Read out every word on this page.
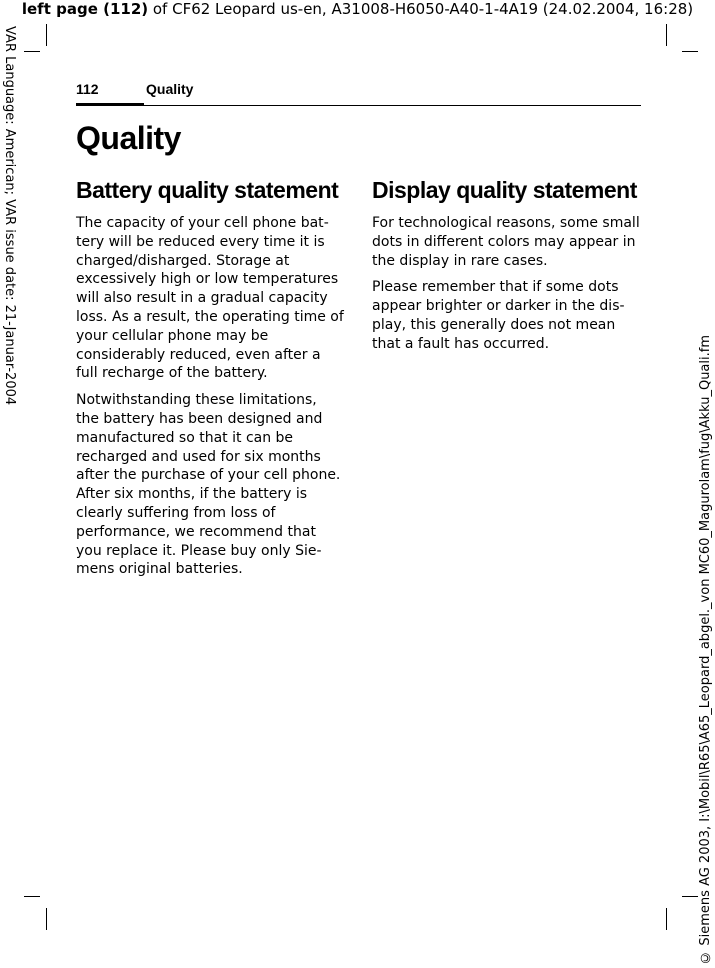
left page (112) of CF62 Leopard us-en, A31008-H6050-A40-1-4A19 (24.02.2004, 16:28)
VAR Language: American; VAR issue date: 21-Januar-2004
© Siemens AG 2003, I:\Mobil\R65\A65_Leopard_abgel._von MC60_Magurolam\fug\Akku_Quali.fm
112	Quality
Quality
Battery quality statement

The capacity of your cell phone battery will be reduced every time it is charged/disharged. Storage at excessively high or low temperatures will also result in a gradual capacity loss. As a result, the operating time of your cellular phone may be considerably reduced, even after a full recharge of the battery.

Notwithstanding these limitations, the battery has been designed and manufactured so that it can be recharged and used for six months after the purchase of your cell phone. After six months, if the battery is clearly suffering from loss of performance, we recommend that you replace it. Please buy only Siemens original batteries.

Display quality statement

For technological reasons, some small dots in different colors may appear in the display in rare cases.

Please remember that if some dots appear brighter or darker in the display, this generally does not mean that a fault has occurred.
